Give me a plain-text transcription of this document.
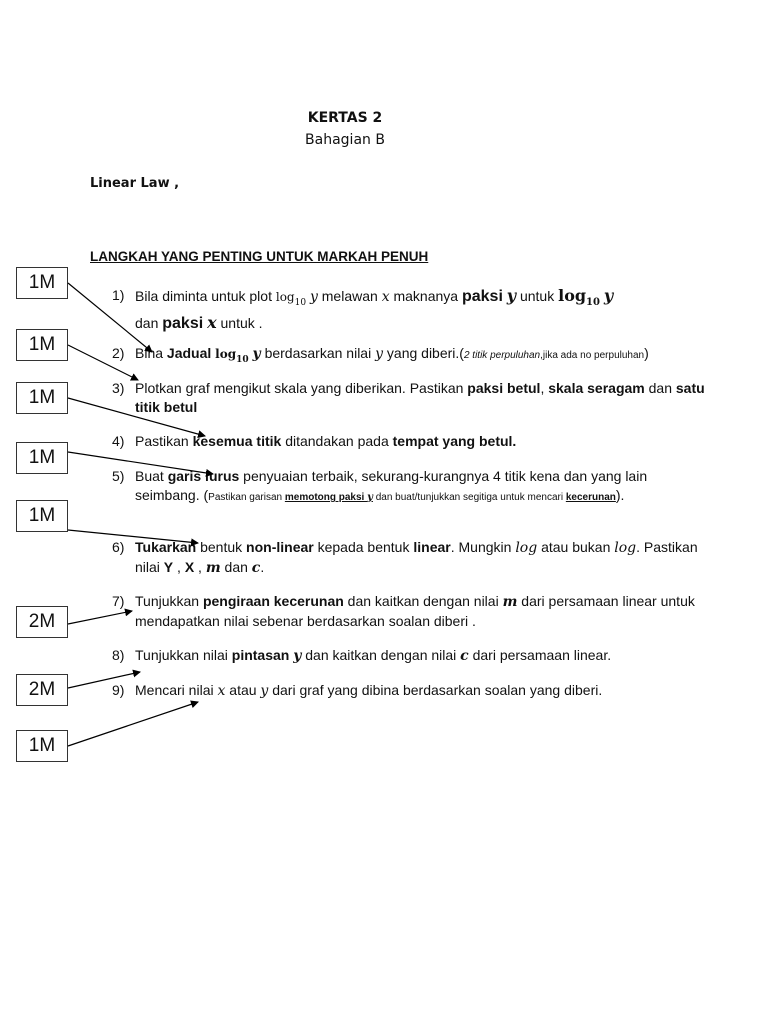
KERTAS 2
Bahagian B
Linear Law ,
LANGKAH YANG PENTING UNTUK MARKAH PENUH
1M
1M
1M
1M
1M
2M
2M
1M
1) Bila diminta untuk plot $\log_{10} y$ melawan x maknanya paksi y untuk $\log_{10} y$
dan paksi x untuk .
2) Bina Jadual $\log_{10} y$ berdasarkan nilai y yang diberi.(2 titik perpuluhan,jika ada no perpuluhan)
3) Plotkan graf mengikut skala yang diberikan. Pastikan paksi betul, skala seragam dan satu titik betul
4) Pastikan kesemua titik ditandakan pada tempat yang betul.
5) Buat garis lurus penyuaian terbaik, sekurang-kurangnya 4 titik kena dan yang lain seimbang. (Pastikan garisan memotong paksi y dan buat/tunjukkan segitiga untuk mencari kecerunan).
6) Tukarkan bentuk non-linear kepada bentuk linear. Mungkin log atau bukan log. Pastikan nilai Y , X , m dan c.
7) Tunjukkan pengiraan kecerunan dan kaitkan dengan nilai m dari persamaan linear untuk mendapatkan nilai sebenar berdasarkan soalan diberi .
8) Tunjukkan nilai pintasan y dan kaitkan dengan nilai c dari persamaan linear.
9) Mencari nilai x atau y dari graf yang dibina berdasarkan soalan yang diberi.
